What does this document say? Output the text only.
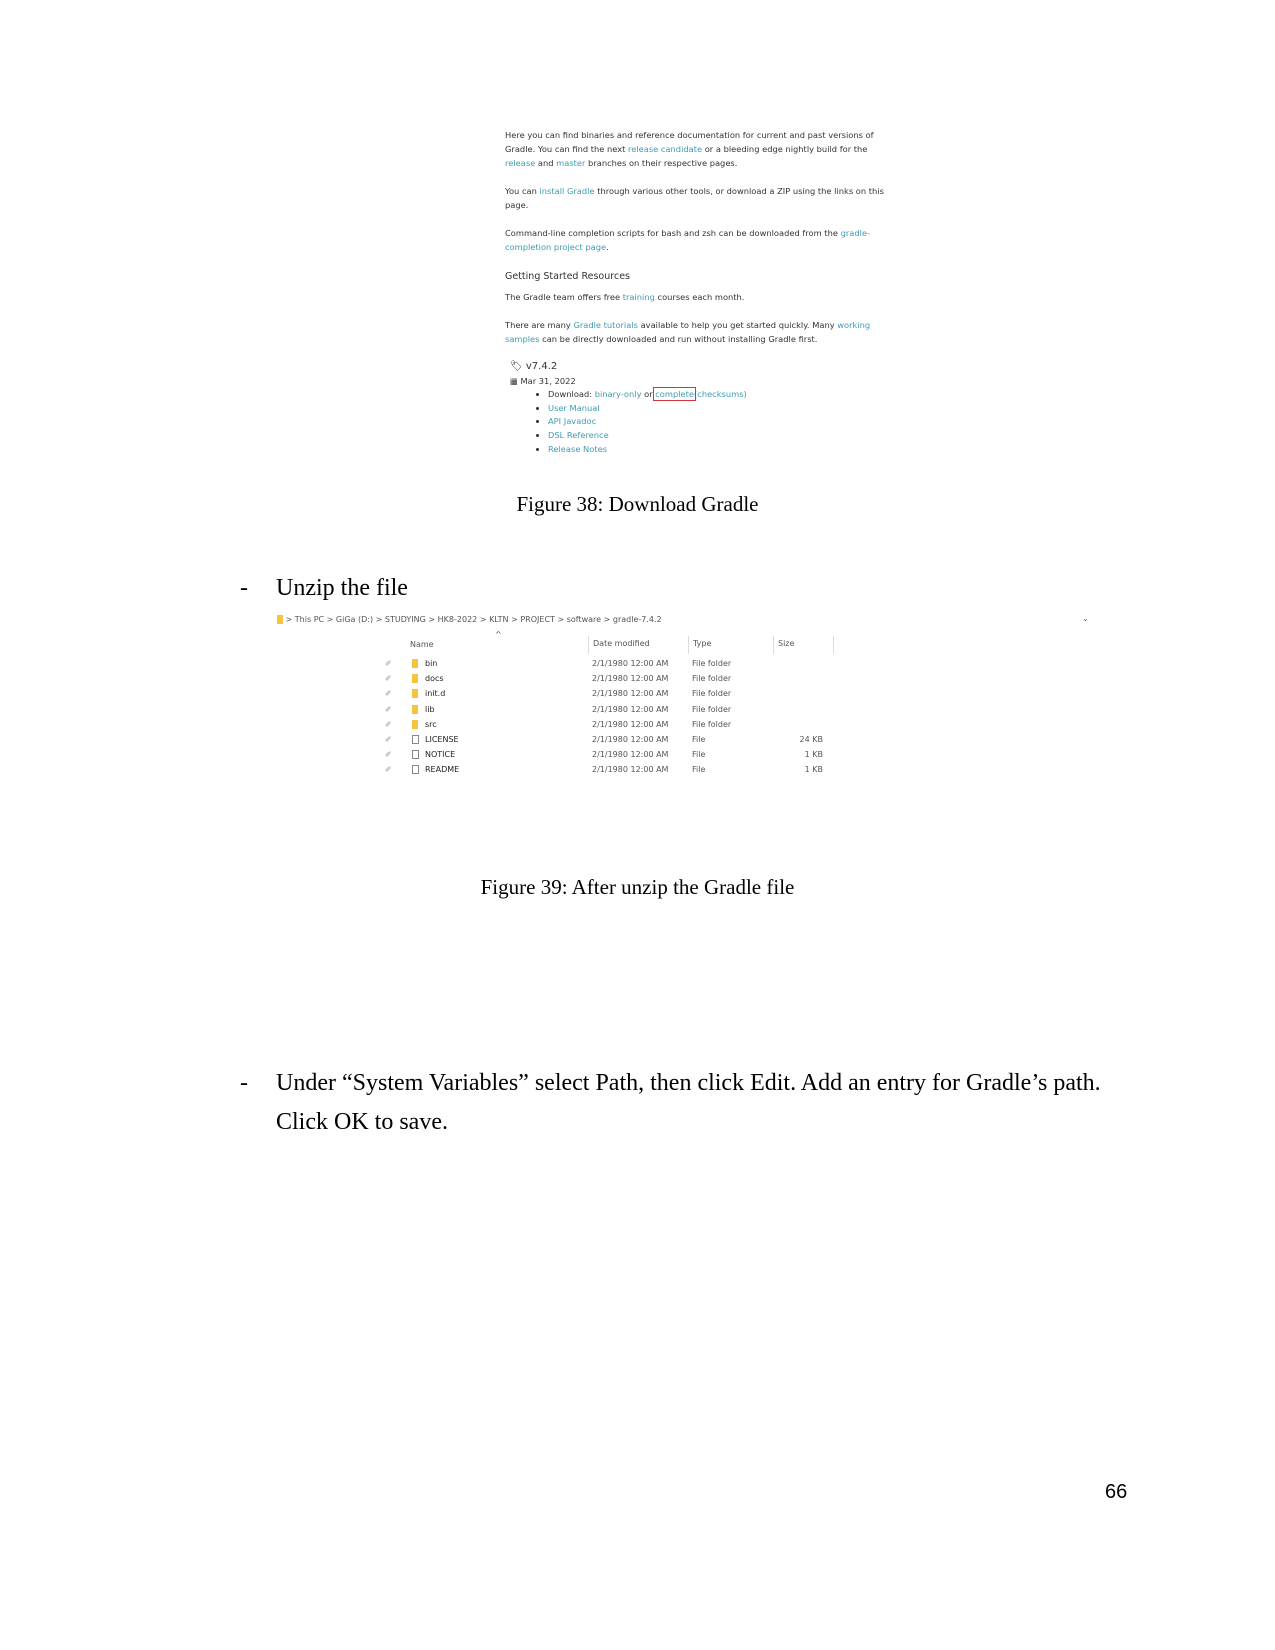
Here you can find binaries and reference documentation for current and past versions of Gradle. You can find the next release candidate or a bleeding edge nightly build for the release and master branches on their respective pages.

You can install Gradle through various other tools, or download a ZIP using the links on this page.

Command-line completion scripts for bash and zsh can be downloaded from the gradle-completion project page.

Getting Started Resources

The Gradle team offers free training courses each month.

There are many Gradle tutorials available to help you get started quickly. Many working samples can be directly downloaded and run without installing Gradle first.

🏷︎ v7.4.2
▦ Mar 31, 2022
• Download: binary-only or complete(checksums)
• User Manual
• API Javadoc
• DSL Reference
• Release Notes
Figure 38: Download Gradle
- Unzip the file
> This PC > GiGa (D:) > STUDYING > HK8-2022 > KLTN > PROJECT > software > gradle-7.4.2	⌄
^
Name	Date modified	Type	Size
✐	bin	2/1/1980 12:00 AM	File folder
✐	docs	2/1/1980 12:00 AM	File folder
✐	init.d	2/1/1980 12:00 AM	File folder
✐	lib	2/1/1980 12:00 AM	File folder
✐	src	2/1/1980 12:00 AM	File folder
✐	LICENSE	2/1/1980 12:00 AM	File	24 KB
✐	NOTICE	2/1/1980 12:00 AM	File	1 KB
✐	README	2/1/1980 12:00 AM	File	1 KB
Figure 39: After unzip the Gradle file
- Under “System Variables” select Path, then click Edit. Add an entry for Gradle’s path. Click OK to save.
66
